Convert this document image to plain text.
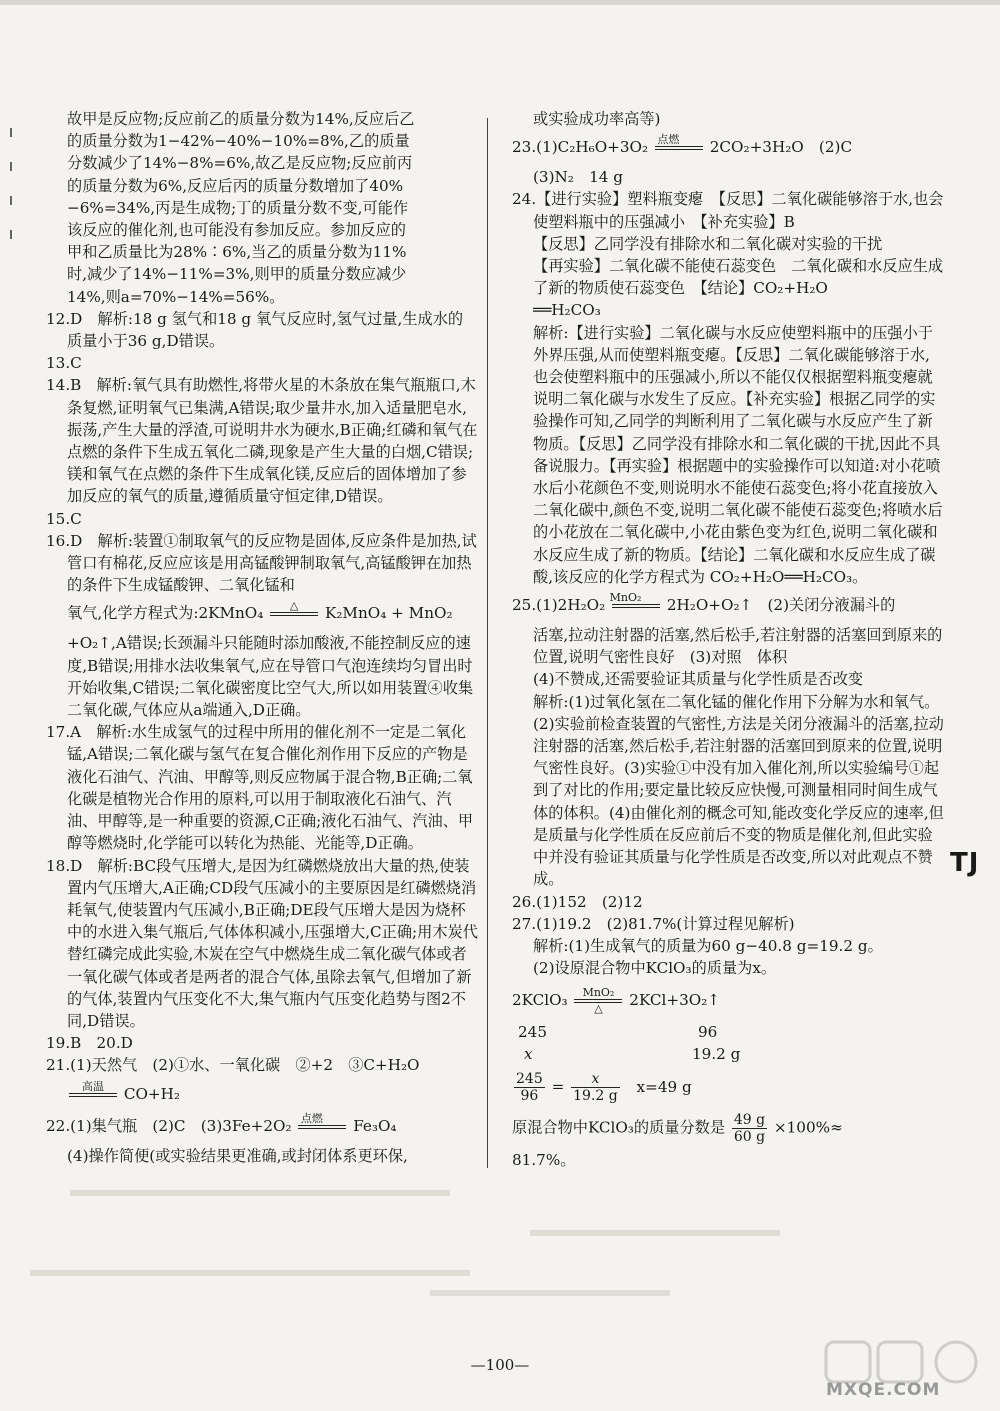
故甲是反应物;反应前乙的质量分数为14%,反应后乙

的质量分数为1−42%−40%−10%=8%,乙的质量

分数减少了14%−8%=6%,故乙是反应物;反应前丙

的质量分数为6%,反应后丙的质量分数增加了40%

−6%=34%,丙是生成物;丁的质量分数不变,可能作

该反应的催化剂,也可能没有参加反应。参加反应的

甲和乙质量比为28%∶6%,当乙的质量分数为11%

时,减少了14%−11%=3%,则甲的质量分数应减少

14%,则a=70%−14%=56%。

12.D　解析:18 g 氢气和18 g 氧气反应时,氢气过量,生成水的质量小于36 g,D错误。

13.C

14.B　解析:氧气具有助燃性,将带火星的木条放在集气瓶瓶口,木条复燃,证明氧气已集满,A错误;取少量井水,加入适量肥皂水,振荡,产生大量的浮渣,可说明井水为硬水,B正确;红磷和氧气在点燃的条件下生成五氧化二磷,现象是产生大量的白烟,C错误;镁和氧气在点燃的条件下生成氧化镁,反应后的固体增加了参加反应的氧气的质量,遵循质量守恒定律,D错误。

15.C

16.D　解析:装置①制取氧气的反应物是固体,反应条件是加热,试管口有棉花,反应应该是用高锰酸钾制取氧气,高锰酸钾在加热的条件下生成锰酸钾、二氧化锰和

氧气,化学方程式为:2KMnO₄	△
	K₂MnO₄ + MnO₂

+O₂↑,A错误;长颈漏斗只能随时添加酸液,不能控制反应的速度,B错误;用排水法收集氧气,应在导管口气泡连续均匀冒出时开始收集,C错误;二氧化碳密度比空气大,所以如用装置④收集二氧化碳,气体应从a端通入,D正确。

17.A　解析:水生成氢气的过程中所用的催化剂不一定是二氧化锰,A错误;二氧化碳与氢气在复合催化剂作用下反应的产物是液化石油气、汽油、甲醇等,则反应物属于混合物,B正确;二氧化碳是植物光合作用的原料,可以用于制取液化石油气、汽油、甲醇等,是一种重要的资源,C正确;液化石油气、汽油、甲醇等燃烧时,化学能可以转化为热能、光能等,D正确。

18.D　解析:BC段气压增大,是因为红磷燃烧放出大量的热,使装置内气压增大,A正确;CD段气压减小的主要原因是红磷燃烧消耗氧气,使装置内气压减小,B正确;DE段气压增大是因为烧杯中的水进入集气瓶后,气体体积减小,压强增大,C正确;用木炭代替红磷完成此实验,木炭在空气中燃烧生成二氧化碳气体或者一氧化碳气体或者是两者的混合气体,虽除去氧气,但增加了新的气体,装置内气压变化不大,集气瓶内气压变化趋势与图2不同,D错误。

19.B　20.D

21.(1)天然气　(2)①水、一氧化碳　②+2　③C+H₂O

高温
	CO+H₂

22.(1)集气瓶　(2)C　(3)3Fe+2O₂ 点燃
	Fe₃O₄

(4)操作简便(或实验结果更准确,或封闭体系更环保,

或实验成功率高等)

23.(1)C₂H₆O+3O₂ 点燃
	2CO₂+3H₂O　(2)C

(3)N₂　14 g

24.【进行实验】塑料瓶变瘪　【反思】二氧化碳能够溶于水,也会使塑料瓶中的压强减小　【补充实验】B

【反思】乙同学没有排除水和二氧化碳对实验的干扰

【再实验】二氧化碳不能使石蕊变色　二氧化碳和水反应生成了新的物质使石蕊变色　【结论】CO₂+H₂O

══H₂CO₃

解析:【进行实验】二氧化碳与水反应使塑料瓶中的压强小于外界压强,从而使塑料瓶变瘪。【反思】二氧化碳能够溶于水,也会使塑料瓶中的压强减小,所以不能仅仅根据塑料瓶变瘪就说明二氧化碳与水发生了反应。【补充实验】根据乙同学的实验操作可知,乙同学的判断利用了二氧化碳与水反应产生了新物质。【反思】乙同学没有排除水和二氧化碳的干扰,因此不具备说服力。【再实验】根据题中的实验操作可以知道:对小花喷水后小花颜色不变,则说明水不能使石蕊变色;将小花直接放入二氧化碳中,颜色不变,说明二氧化碳不能使石蕊变色;将喷水后的小花放在二氧化碳中,小花由紫色变为红色,说明二氧化碳和水反应生成了新的物质。【结论】二氧化碳和水反应生成了碳酸,该反应的化学方程式为 CO₂+H₂O══H₂CO₃。

25.(1)2H₂O₂ MnO₂
	2H₂O+O₂↑　(2)关闭分液漏斗的

活塞,拉动注射器的活塞,然后松手,若注射器的活塞回到原来的位置,说明气密性良好　(3)对照　体积

(4)不赞成,还需要验证其质量与化学性质是否改变

解析:(1)过氧化氢在二氧化锰的催化作用下分解为水和氧气。(2)实验前检查装置的气密性,方法是关闭分液漏斗的活塞,拉动注射器的活塞,然后松手,若注射器的活塞回到原来的位置,说明气密性良好。(3)实验①中没有加入催化剂,所以实验编号①起到了对比的作用;要定量比较反应快慢,可测量相同时间生成气体的体积。(4)由催化剂的概念可知,能改变化学反应的速率,但是质量与化学性质在反应前后不变的物质是催化剂,但此实验中并没有验证其质量与化学性质是否改变,所以对此观点不赞成。

26.(1)152　(2)12

27.(1)19.2　(2)81.7%(计算过程见解析)

解析:(1)生成氧气的质量为60 g−40.8 g=19.2 g。

(2)设原混合物中KClO₃的质量为x。

2KClO₃	MnO₂
△	2KCl+3O₂↑

245	96
x	19.2 g

$\frac{245}{96} = \frac{x}{19.2 g} x=49$ g

原混合物中KClO₃的质量分数是 $\frac{49 g}{60 g} \times 100\%\approx$

81.7%。

TJ
—100—
MXQE.COM
